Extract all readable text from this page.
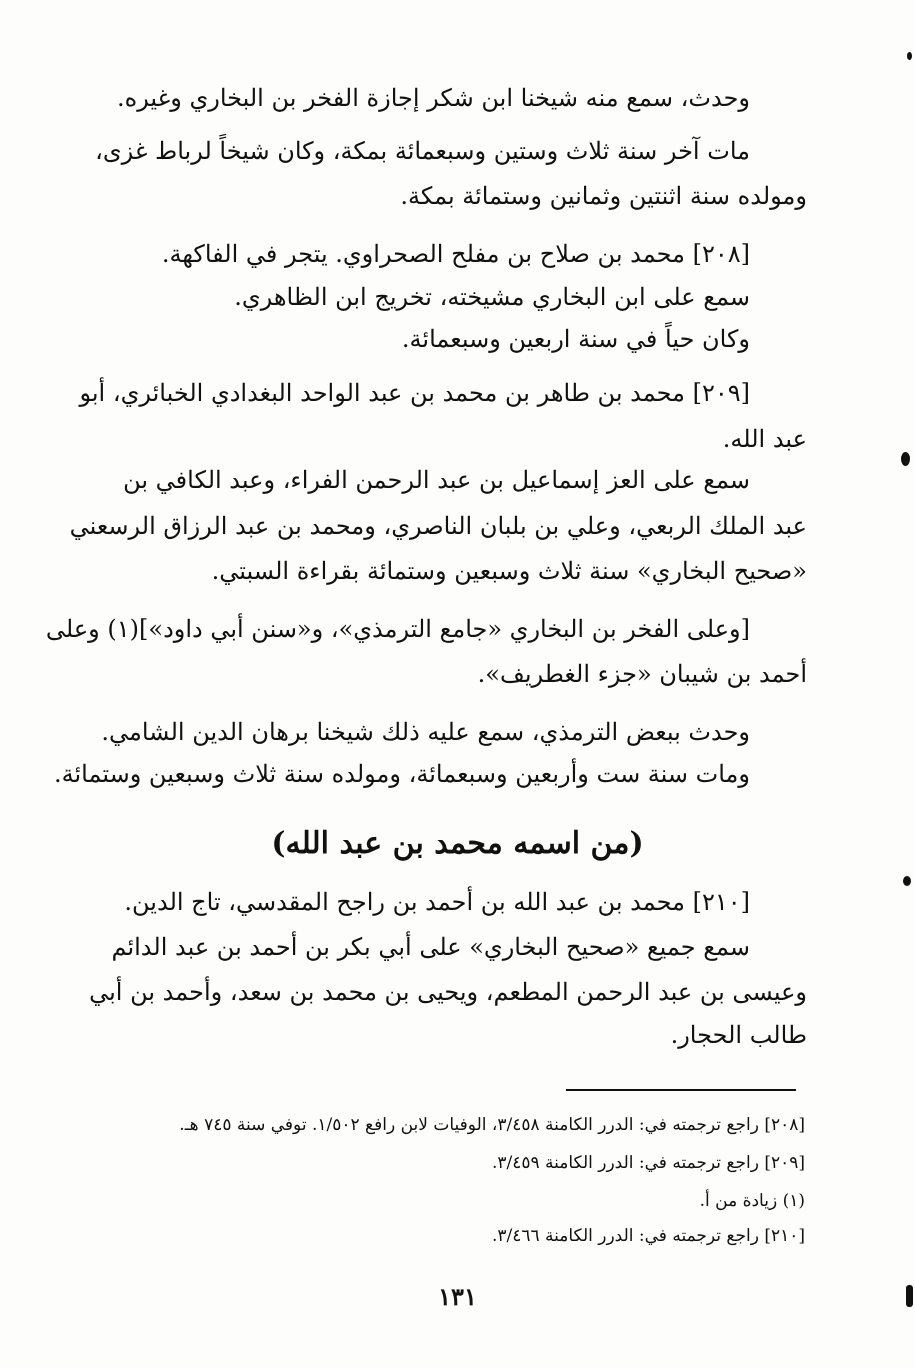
وحدث، سمع منه شيخنا ابن شكر إجازة الفخر بن البخاري وغيره.
مات آخر سنة ثلاث وستين وسبعمائة بمكة، وكان شيخاً لرباط غزى،
ومولده سنة اثنتين وثمانين وستمائة بمكة.
[٢٠٨] محمد بن صلاح بن مفلح الصحراوي. يتجر في الفاكهة.
سمع على ابن البخاري مشيخته، تخريج ابن الظاهري.
وكان حياً في سنة اربعين وسبعمائة.
[٢٠٩] محمد بن طاهر بن محمد بن عبد الواحد البغدادي الخبائري، أبو
عبد الله.
سمع على العز إسماعيل بن عبد الرحمن الفراء، وعبد الكافي بن
عبد الملك الربعي، وعلي بن بلبان الناصري، ومحمد بن عبد الرزاق الرسعني
«صحيح البخاري» سنة ثلاث وسبعين وستمائة بقراءة السبتي.
[وعلى الفخر بن البخاري «جامع الترمذي»، و«سنن أبي داود»](١) وعلى
أحمد بن شيبان «جزء الغطريف».
وحدث ببعض الترمذي، سمع عليه ذلك شيخنا برهان الدين الشامي.
ومات سنة ست وأربعين وسبعمائة، ومولده سنة ثلاث وسبعين وستمائة.
(من اسمه محمد بن عبد الله)
[٢١٠] محمد بن عبد الله بن أحمد بن راجح المقدسي، تاج الدين.
سمع جميع «صحيح البخاري» على أبي بكر بن أحمد بن عبد الدائم
وعيسى بن عبد الرحمن المطعم، ويحيى بن محمد بن سعد، وأحمد بن أبي
طالب الحجار.
[٢٠٨] راجع ترجمته في: الدرر الكامنة ٣/٤٥٨، الوفيات لابن رافع ١/٥٠٢. توفي سنة ٧٤٥ هـ.
[٢٠٩] راجع ترجمته في: الدرر الكامنة ٣/٤٥٩.
(١) زيادة من أ.
[٢١٠] راجع ترجمته في: الدرر الكامنة ٣/٤٦٦.
١٣١
